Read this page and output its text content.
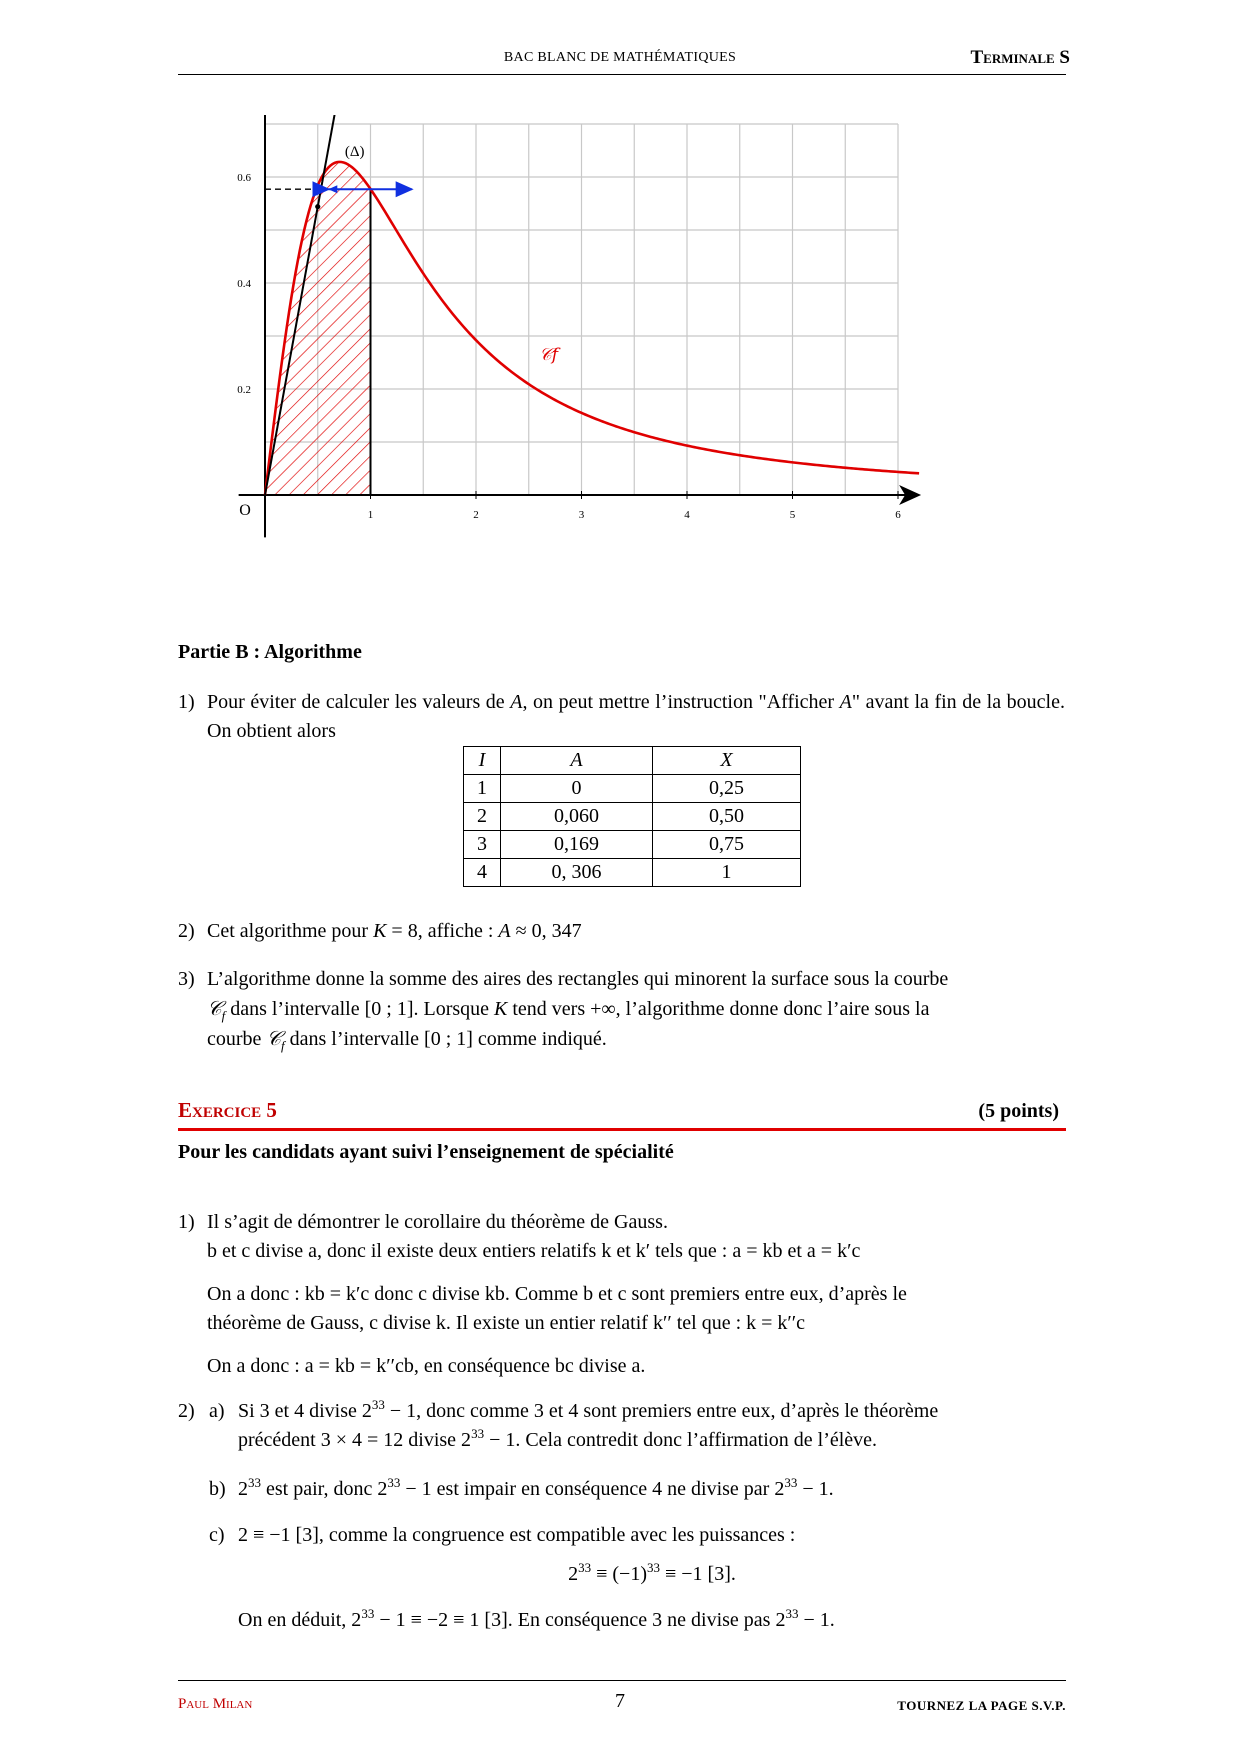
BAC BLANC DE MATHÉMATIQUES	Terminale S
1	2	3	4	5	6
0.2
0.4
0.6
O
𝒞f
(Δ)
Partie B : Algorithme
1) Pour éviter de calculer les valeurs de A, on peut mettre l’instruction "Afficher A" avant la fin de la boucle. On obtient alors
I	A	X
1	0	0,25
2	0,060	0,50
3	0,169	0,75
4	0, 306	1
2) Cet algorithme pour K = 8, affiche : A ≈ 0, 347
3) L’algorithme donne la somme des aires des rectangles qui minorent la surface sous la courbe
𝒞$_f$ dans l’intervalle [0 ; 1]. Lorsque K tend vers +∞, l’algorithme donne donc l’aire sous la
courbe 𝒞$_f$ dans l’intervalle [0 ; 1] comme indiqué.
Exercice 5	(5 points)
Pour les candidats ayant suivi l’enseignement de spécialité
1) Il s’agit de démontrer le corollaire du théorème de Gauss.
b et c divise a, donc il existe deux entiers relatifs k et k′ tels que : a = kb et a = k′c
On a donc : kb = k′c donc c divise kb. Comme b et c sont premiers entre eux, d’après le
théorème de Gauss, c divise k. Il existe un entier relatif k′′ tel que : k = k′′c
On a donc : a = kb = k′′cb, en conséquence bc divise a.
2) a) Si 3 et 4 divise $2^{33} - 1$, donc comme 3 et 4 sont premiers entre eux, d’après le théorème
précédent 3 × 4 = 12 divise $2^{33} - 1$. Cela contredit donc l’affirmation de l’élève.
b) $2^{33}$ est pair, donc $2^{33} - 1$ est impair en conséquence 4 ne divise par $2^{33} - 1$.
c) 2 ≡ −1 [3], comme la congruence est compatible avec les puissances :
$2^{33} \equiv (-1)^{33} \equiv -1$ [3].
On en déduit, $2^{33} - 1 \equiv -2 \equiv 1$ [3]. En conséquence 3 ne divise pas $2^{33} - 1$.
Paul Milan	7	TOURNEZ LA PAGE S.V.P.
